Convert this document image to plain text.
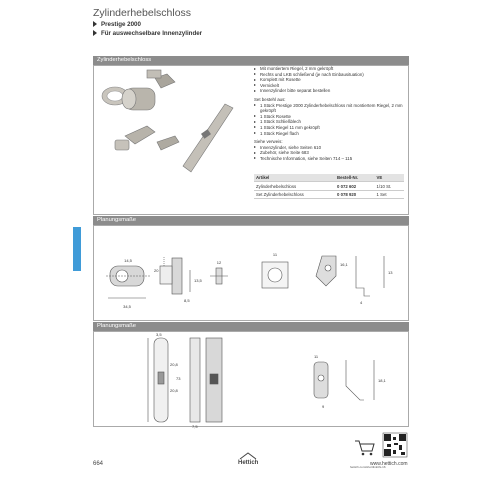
Zylinderhebelschloss
Prestige 2000
Für auswechselbare Innenzylinder
Zylinderhebelschloss
Mit montiertem Riegel, 2 mm gekröpft
Rechts und LKB schließend (je nach Einbausituation)
Komplett mit Rosette
Vernickelt
Innenzylinder bitte separat bestellen
Set bestehl aus:
1 Stück Prestige 2000 Zylinderhebelschloss mit montiertem Riegel, 2 mm gekröpft
1 Stück Rosette
1 Stück Schließblech
1 Stück Riegel 11 mm gekröpft
1 Stück Riegel flach
Siehe verweis:
Innenzylinder, siehe Seiten 610
Zubehör, siehe Seite 683
Technische Information, siehe Seiten 714 – 115
Artikel	Bestell-Nr.	VE
Zylinderhebelschloss	0 072 602	1/10 St.
Set Zylinderhebelschloss	0 078 920	1 Set
Planungsmaße
34,5
14,5
20
8,5
13,5
12
11
16,1
4
13
Planungsmaße
3,5
20,8
73
20,8
7,5
11
9
18,1
hettich.com/shortlink/zk-16
664	Hettich	www.hettich.com
